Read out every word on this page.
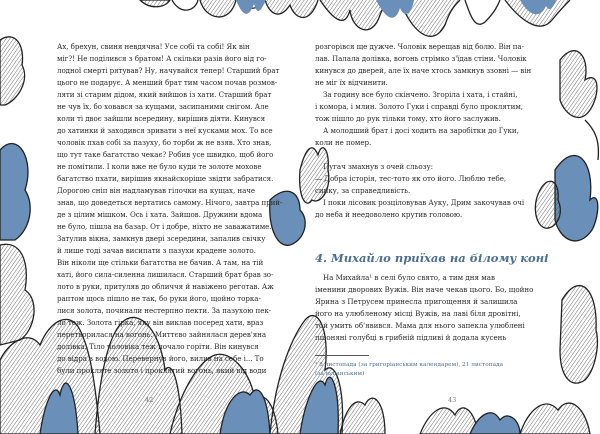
Ах, брехун, свиня невдячна! Усе собі та собі! Як він

міг?! Не поділився з братом! А скільки разів його від го-

лодної смерті рятував? Ну, начувайся тепер! Старший брат

цього не подарує. А менший брат тим часом почав розмов-

ляти зі старим дідом, який вийшов із хати. Старший брат

не чув їх, бо ховався за кущами, засипаними снігом. Але

коли ті двоє зайшли всередину, вирішив діяти. Кинувся

до хатинки й заходився зривати з неї кусками мох. То все

чоловік пхав собі за пазуху, бо торби ж не взяв. Хто знав,

що тут таке багатство чекає? Робив усе швидко, щоб його

не помітили. І коли вже не було куди те золоте мохове

багатство пхати, вирішив якнайскоріше звідти забратися.

Дорогою сніп він надламував гілочки на кущах, наче

знав, що доведеться вертатись самому. Нічого, завтра прий-

де з цілим мішком. Ось і хата. Зайшов. Дружини вдома

не було, пішла на базар. От і добре, ніхто не заважатиме.

Затулив вікна, замкнув двері зсередини, запалив свічку

й лише тоді зачав висипати з пазухи крадене золото.

Він ніколи ще стільки багатства не бачив. А там, на тій

хаті, його сила-силенна лишилася. Старший брат брав зо-

лото в руки, притуляв до обличчя й навіжено реготав. Аж

раптом щось пішло не так, бо руки його, щойно торка-

лися золота, починали нестерпно пекти. За пазухою пек-

ло теж. Золота гірка, яку він виклав посеред хати, враз

перетворилася на вогонь. Миттєво зайнялася дерев'яна

долівка. Тіло чоловіка теж почало горіти. Він кинувся

до відра з водою. Перевернув його, вилив на себе і... То

були прокляте золото і проклятий вогонь, який від води

розгорівся ще дужче. Чоловік верещав від болю. Він па-

лав. Палала долівка, вогонь стрімко з'їдав стіни. Чоловік

кинувся до дверей, але їх наче хтось замкнув ззовні — він

не міг їх відчинити.

За годину все було скінчено. Згоріла і хата, і стайні,

і комора, і млин. Золото Гуки і справді було проклятим,

тож пішло до рук тільки тому, хто його заслужив.

А молодший брат і досі ходить на заробітки до Гуки,

коли не помер.

Пугач змахнув з очей сльозу:

— Добра історія, тес-тото як ото його. Люблю тебе,

синку, за справедливість.

І поки лісовик розціловував Ауку, Дрим закочував очі

до неба й неедоволено крутив головою.

4. Михайло приїхав на білому коні

На Михайла¹ в селі було свято, а тим дня мав

іменини дворових Вужів. Він наче чекав цього. Бо, щойно

Ярина з Петрусем принесла пригощення й залишила

його на улюбленому місці Вужів, на лаві біля дровітні,

той умить об'явився. Мама для нього запекла улюблені

пшоняні голубці в грибній підливі й додала кусень

¹ 8 листопада (за григоріанським календарем), 21 листопада

(за юліанським)

42	43
